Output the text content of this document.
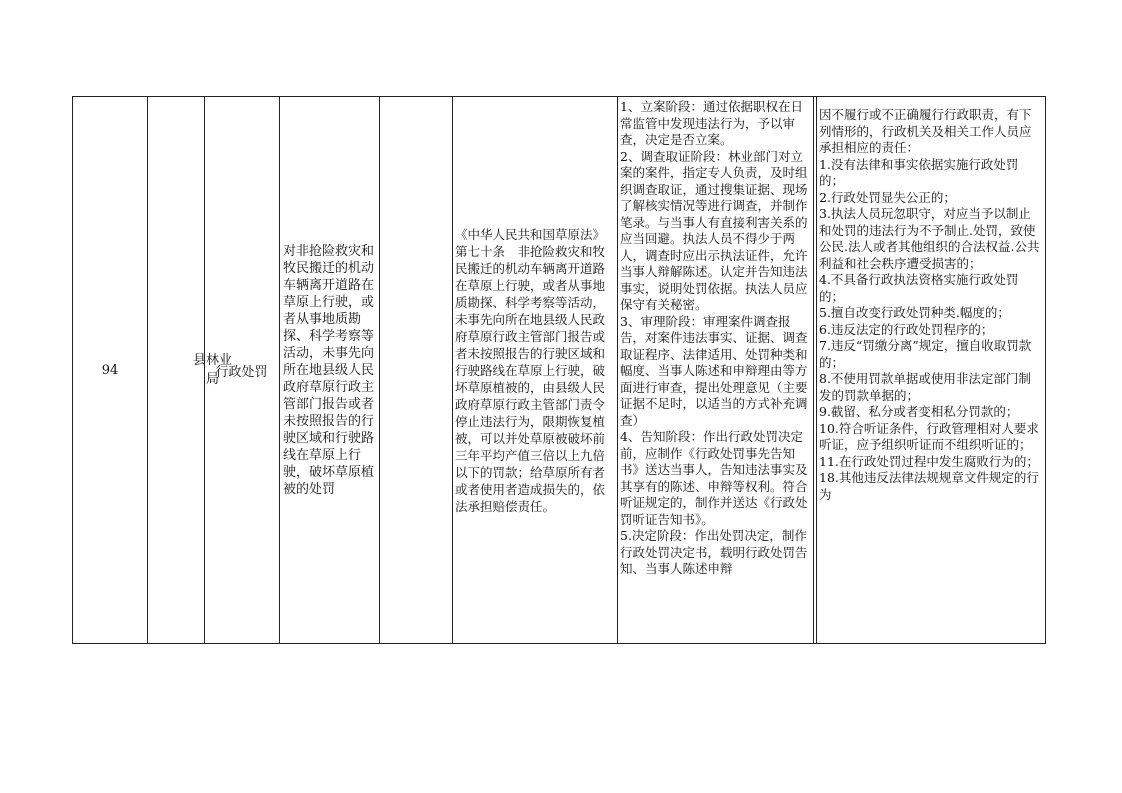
94
县林业局
行政处罚
对非抢险救灾和牧民搬迁的机动车辆离开道路在草原上行驶，或者从事地质勘探、科学考察等活动，未事先向所在地县级人民政府草原行政主管部门报告或者未按照报告的行驶区域和行驶路线在草原上行驶，破坏草原植被的处罚
《中华人民共和国草原法》第七十条　非抢险救灾和牧民搬迁的机动车辆离开道路在草原上行驶，或者从事地质勘探、科学考察等活动，未事先向所在地县级人民政府草原行政主管部门报告或者未按照报告的行驶区域和行驶路线在草原上行驶，破坏草原植被的，由县级人民政府草原行政主管部门责令停止违法行为，限期恢复植被，可以并处草原被破坏前三年平均产值三倍以上九倍以下的罚款；给草原所有者或者使用者造成损失的，依法承担赔偿责任。

1、立案阶段：通过依据职权在日常监管中发现违法行为，予以审查，决定是否立案。

2、调查取证阶段：林业部门对立案的案件，指定专人负责，及时组织调查取证，通过搜集证据、现场了解核实情况等进行调查，并制作笔录。与当事人有直接利害关系的应当回避。执法人员不得少于两人，调查时应出示执法证件，允许当事人辩解陈述。认定并告知违法事实，说明处罚依据。执法人员应保守有关秘密。

3、审理阶段：审理案件调查报告，对案件违法事实、证据、调查取证程序、法律适用、处罚种类和幅度、当事人陈述和申辩理由等方面进行审查，提出处理意见（主要证据不足时，以适当的方式补充调查）

4、告知阶段：作出行政处罚决定前，应制作《行政处罚事先告知书》送达当事人，告知违法事实及其享有的陈述、申辩等权利。符合听证规定的，制作并送达《行政处罚听证告知书》。

5.决定阶段：作出处罚决定，制作行政处罚决定书，载明行政处罚告知、当事人陈述申辩

因不履行或不正确履行行政职责，有下列情形的，行政机关及相关工作人员应承担相应的责任：

1.没有法律和事实依据实施行政处罚的；

2.行政处罚显失公正的；

3.执法人员玩忽职守，对应当予以制止和处罚的违法行为不予制止.处罚，致使公民.法人或者其他组织的合法权益.公共利益和社会秩序遭受损害的；

4.不具备行政执法资格实施行政处罚的；

5.擅自改变行政处罚种类.幅度的；

6.违反法定的行政处罚程序的；

7.违反“罚缴分离”规定，擅自收取罚款的；

8.不使用罚款单据或使用非法定部门制发的罚款单据的；

9.截留、私分或者变相私分罚款的；

10.符合听证条件，行政管理相对人要求听证，应予组织听证而不组织听证的；

11.在行政处罚过程中发生腐败行为的；

18.其他违反法律法规规章文件规定的行为
